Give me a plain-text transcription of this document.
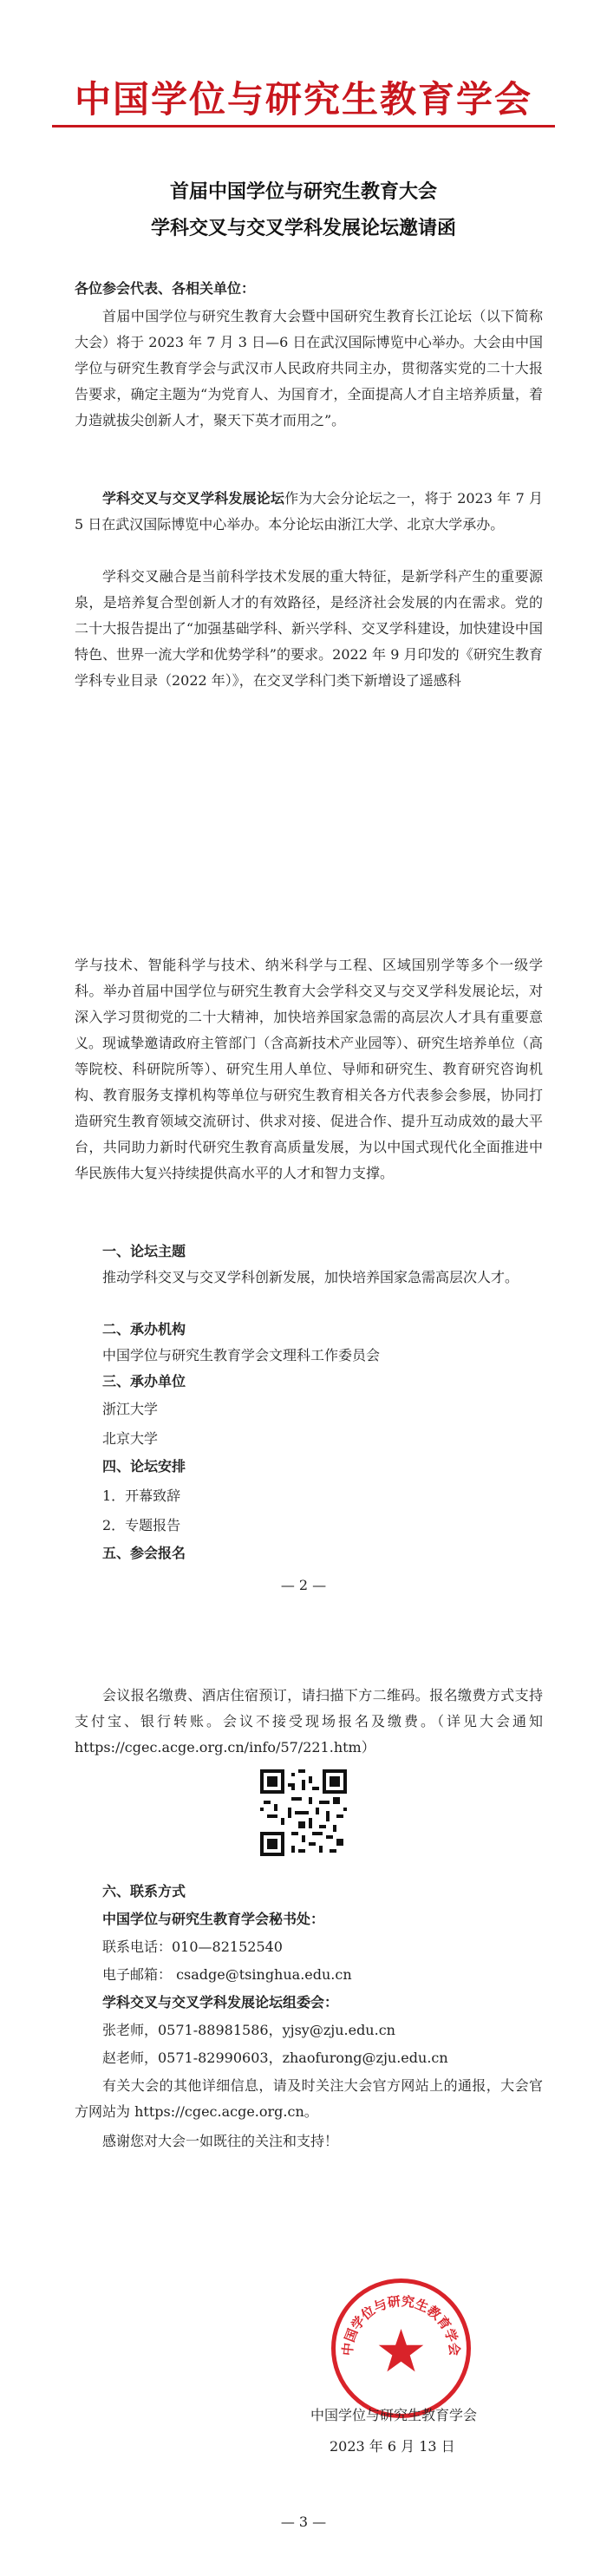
中国学位与研究生教育学会
首届中国学位与研究生教育大会
学科交叉与交叉学科发展论坛邀请函
各位参会代表、各相关单位：
首届中国学位与研究生教育大会暨中国研究生教育长江论坛（以下简称大会）将于 2023 年 7 月 3 日—6 日在武汉国际博览中心举办。大会由中国学位与研究生教育学会与武汉市人民政府共同主办，贯彻落实党的二十大报告要求，确定主题为“为党育人、为国育才，全面提高人才自主培养质量，着力造就拔尖创新人才，聚天下英才而用之”。
学科交叉与交叉学科发展论坛作为大会分论坛之一，将于 2023 年 7 月 5 日在武汉国际博览中心举办。本分论坛由浙江大学、北京大学承办。
学科交叉融合是当前科学技术发展的重大特征，是新学科产生的重要源泉，是培养复合型创新人才的有效路径，是经济社会发展的内在需求。党的二十大报告提出了“加强基础学科、新兴学科、交叉学科建设，加快建设中国特色、世界一流大学和优势学科”的要求。2022 年 9 月印发的《研究生教育学科专业目录（2022 年）》，在交叉学科门类下新增设了遥感科
学与技术、智能科学与技术、纳米科学与工程、区域国别学等多个一级学科。举办首届中国学位与研究生教育大会学科交叉与交叉学科发展论坛，对深入学习贯彻党的二十大精神，加快培养国家急需的高层次人才具有重要意义。 现诚挚邀请政府主管部门（含高新技术产业园等）、研究生培养单位（高等院校、科研院所等）、研究生用人单位、导师和研究生、教育研究咨询机构、教育服务支撑机构等单位与研究生教育相关各方代表参会参展，协同打造研究生教育领域交流研讨、供求对接、促进合作、提升互动成效的最大平台，共同助力新时代研究生教育高质量发展，为以中国式现代化全面推进中华民族伟大复兴持续提供高水平的人才和智力支撑。
一、论坛主题
推动学科交叉与交叉学科创新发展，加快培养国家急需高层次人才。
二、承办机构
中国学位与研究生教育学会文理科工作委员会
三、承办单位
浙江大学
北京大学
四、论坛安排
1．开幕致辞
2．专题报告
五、参会报名
— 2 —
会议报名缴费、酒店住宿预订，请扫描下方二维码。报名缴费方式支持支付宝、银行转账。会议不接受现场报名及缴费。（详见大会通知 https://cgec.acge.org.cn/info/57/221.htm）
六、联系方式
中国学位与研究生教育学会秘书处：
联系电话：010—82152540
电子邮箱： csadge@tsinghua.edu.cn
学科交叉与交叉学科发展论坛组委会：
张老师，0571-88981586，yjsy@zju.edu.cn
赵老师，0571-82990603，zhaofurong@zju.edu.cn
有关大会的其他详细信息，请及时关注大会官方网站上的通报，大会官方网站为 https://cgec.acge.org.cn。
感谢您对大会一如既往的关注和支持！
中国学位与研究生教育学会
中国学位与研究生教育学会
2023 年 6 月 13 日
— 3 —
